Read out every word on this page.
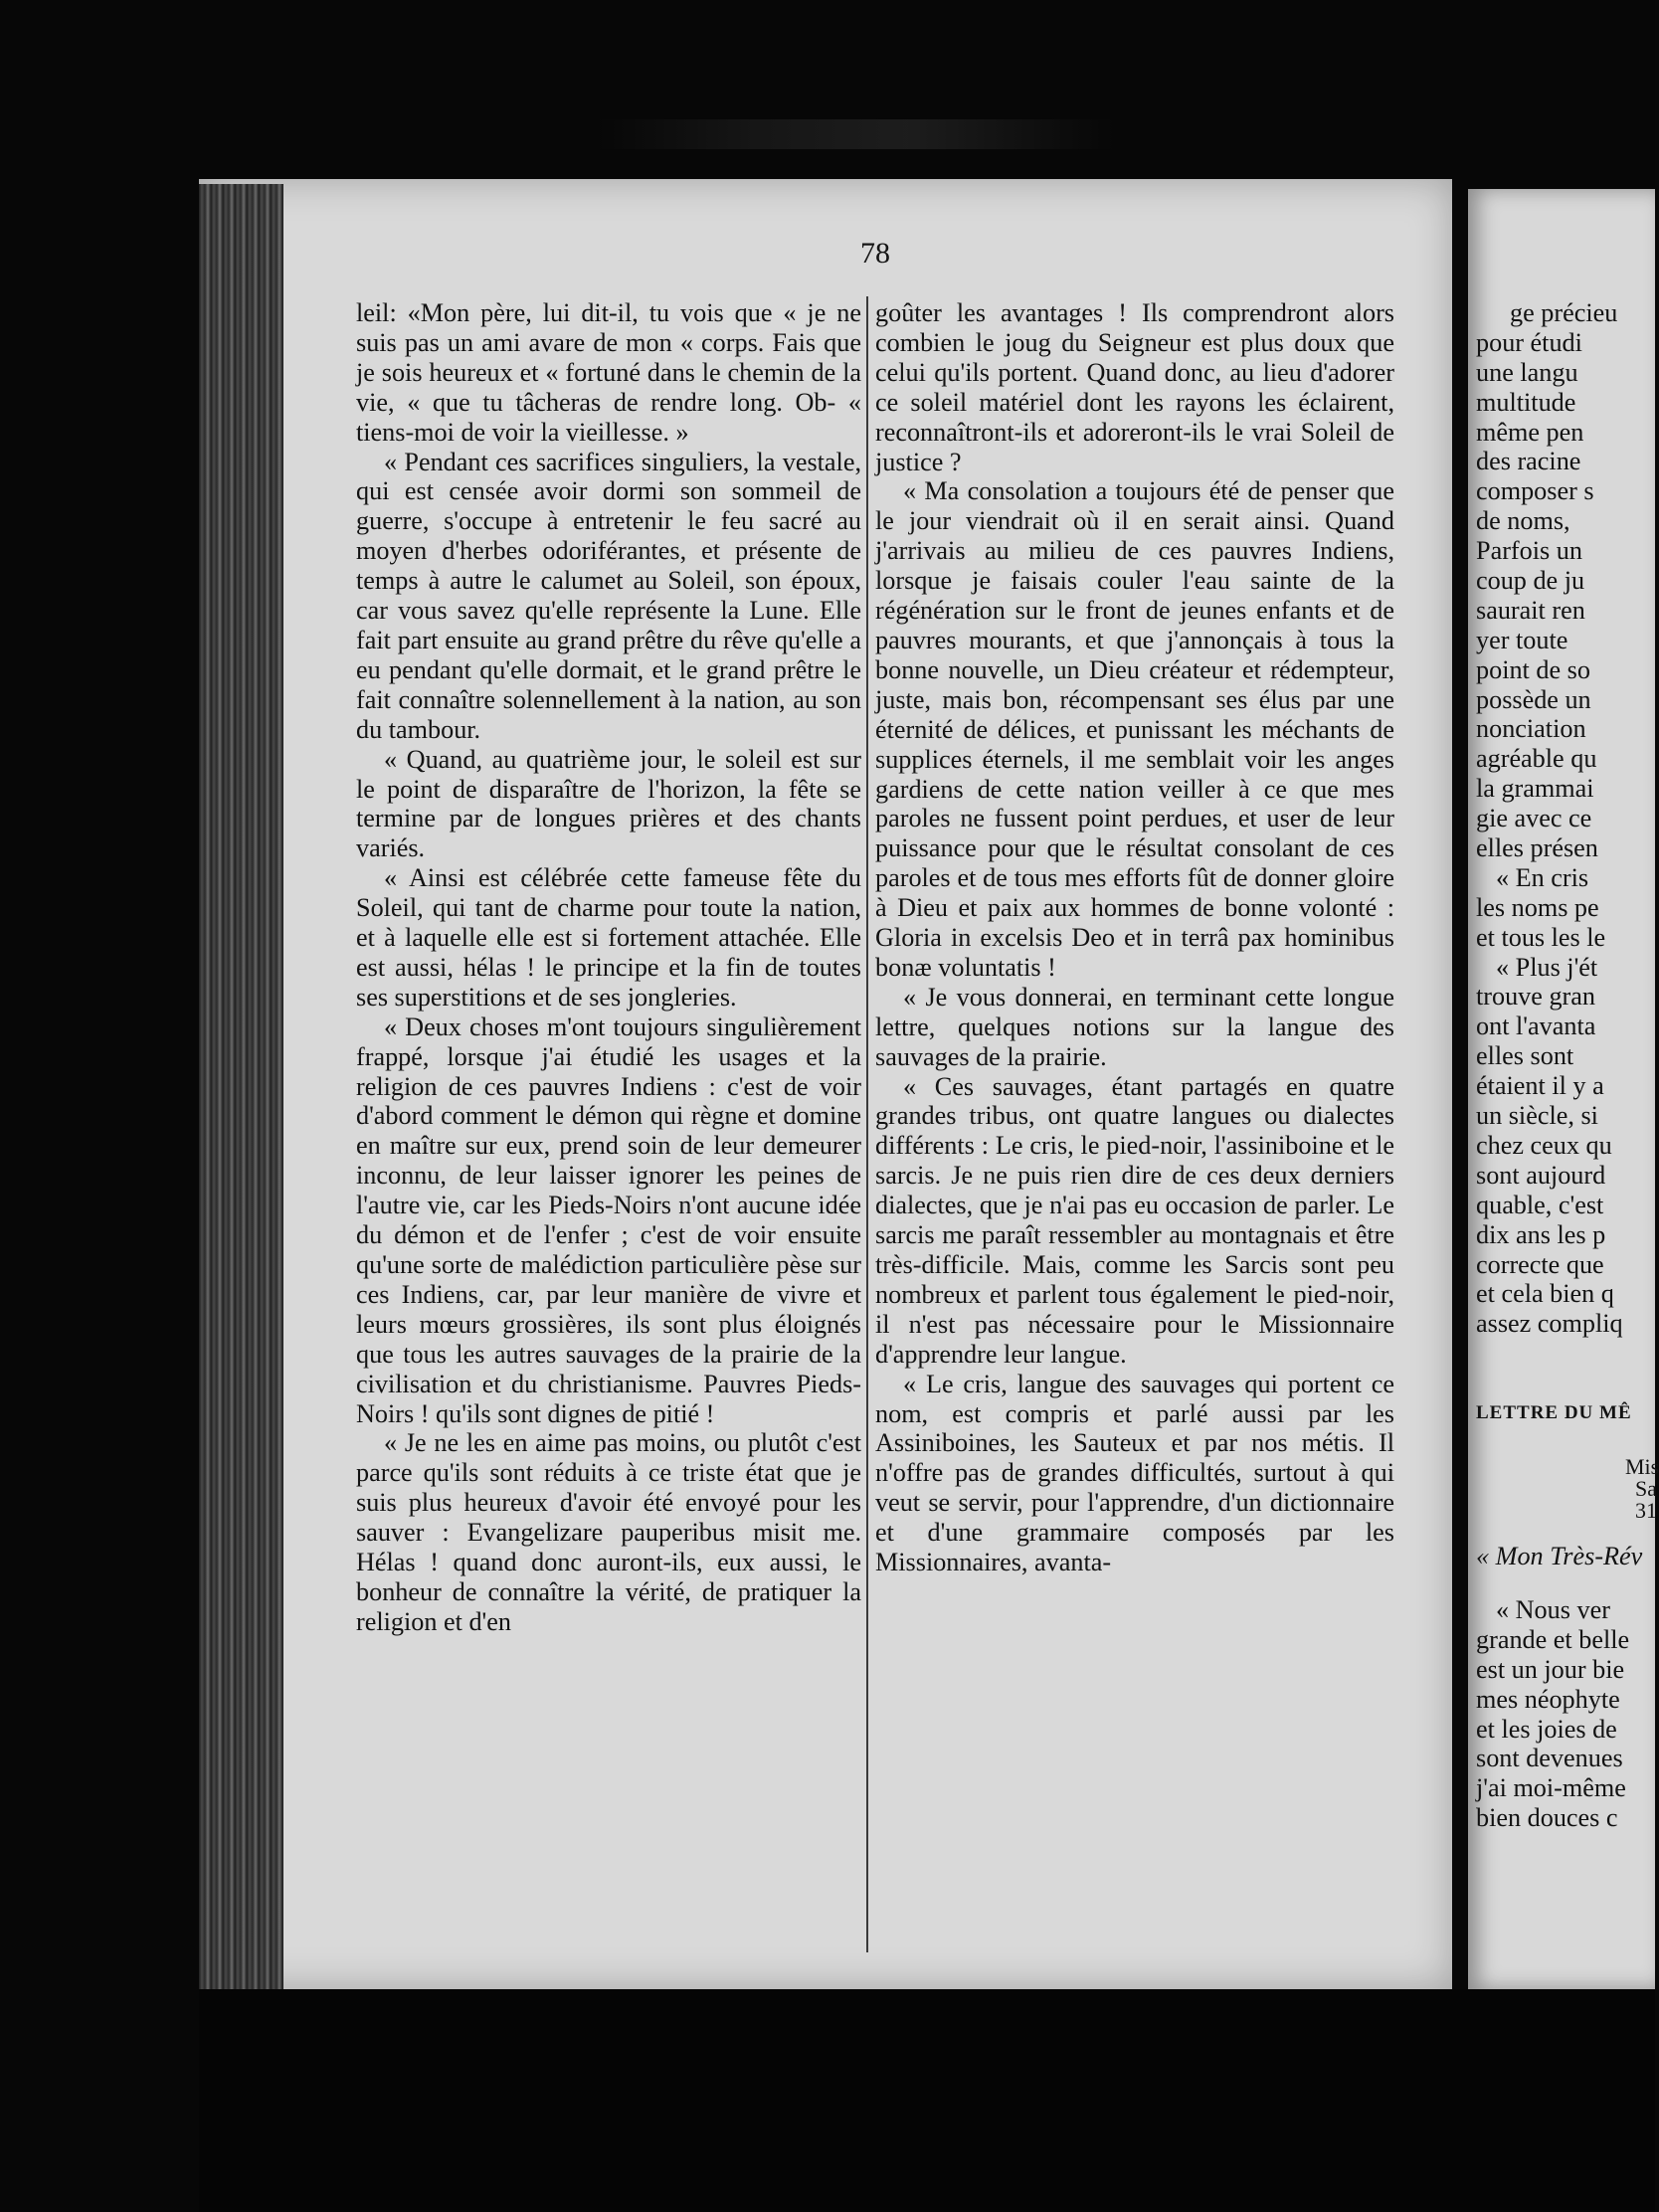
78

leil: «Mon père, lui dit-il, tu vois que « je ne suis pas un ami avare de mon « corps. Fais que je sois heureux et « fortuné dans le chemin de la vie, « que tu tâcheras de rendre long. Ob- « tiens-moi de voir la vieillesse. »

« Pendant ces sacrifices singuliers, la vestale, qui est censée avoir dormi son sommeil de guerre, s'occupe à entretenir le feu sacré au moyen d'herbes odoriférantes, et présente de temps à autre le calumet au Soleil, son époux, car vous savez qu'elle représente la Lune. Elle fait part ensuite au grand prêtre du rêve qu'elle a eu pendant qu'elle dormait, et le grand prêtre le fait connaître solennellement à la nation, au son du tambour.

« Quand, au quatrième jour, le soleil est sur le point de disparaître de l'horizon, la fête se termine par de longues prières et des chants variés.

« Ainsi est célébrée cette fameuse fête du Soleil, qui tant de charme pour toute la nation, et à laquelle elle est si fortement attachée. Elle est aussi, hélas ! le principe et la fin de toutes ses superstitions et de ses jongleries.

« Deux choses m'ont toujours singulièrement frappé, lorsque j'ai étudié les usages et la religion de ces pauvres Indiens : c'est de voir d'abord comment le démon qui règne et domine en maître sur eux, prend soin de leur demeurer inconnu, de leur laisser ignorer les peines de l'autre vie, car les Pieds-Noirs n'ont aucune idée du démon et de l'enfer ; c'est de voir ensuite qu'une sorte de malédiction particulière pèse sur ces Indiens, car, par leur manière de vivre et leurs mœurs grossières, ils sont plus éloignés que tous les autres sauvages de la prairie de la civilisation et du christianisme. Pauvres Pieds-Noirs ! qu'ils sont dignes de pitié !

« Je ne les en aime pas moins, ou plutôt c'est parce qu'ils sont réduits à ce triste état que je suis plus heureux d'avoir été envoyé pour les sauver : Evangelizare pauperibus misit me. Hélas ! quand donc auront-ils, eux aussi, le bonheur de connaître la vérité, de pratiquer la religion et d'en

goûter les avantages ! Ils comprendront alors combien le joug du Seigneur est plus doux que celui qu'ils portent. Quand donc, au lieu d'adorer ce soleil matériel dont les rayons les éclairent, reconnaîtront-ils et adoreront-ils le vrai Soleil de justice ?

« Ma consolation a toujours été de penser que le jour viendrait où il en serait ainsi. Quand j'arrivais au milieu de ces pauvres Indiens, lorsque je faisais couler l'eau sainte de la régénération sur le front de jeunes enfants et de pauvres mourants, et que j'annonçais à tous la bonne nouvelle, un Dieu créateur et rédempteur, juste, mais bon, récompensant ses élus par une éternité de délices, et punissant les méchants de supplices éternels, il me semblait voir les anges gardiens de cette nation veiller à ce que mes paroles ne fussent point perdues, et user de leur puissance pour que le résultat consolant de ces paroles et de tous mes efforts fût de donner gloire à Dieu et paix aux hommes de bonne volonté : Gloria in excelsis Deo et in terrâ pax hominibus bonæ voluntatis !

« Je vous donnerai, en terminant cette longue lettre, quelques notions sur la langue des sauvages de la prairie.

« Ces sauvages, étant partagés en quatre grandes tribus, ont quatre langues ou dialectes différents : Le cris, le pied-noir, l'assiniboine et le sarcis. Je ne puis rien dire de ces deux derniers dialectes, que je n'ai pas eu occasion de parler. Le sarcis me paraît ressembler au montagnais et être très-difficile. Mais, comme les Sarcis sont peu nombreux et parlent tous également le pied-noir, il n'est pas nécessaire pour le Missionnaire d'apprendre leur langue.

« Le cris, langue des sauvages qui portent ce nom, est compris et parlé aussi par les Assiniboines, les Sauteux et par nos métis. Il n'offre pas de grandes difficultés, surtout à qui veut se servir, pour l'apprendre, d'un dictionnaire et d'une grammaire composés par les Missionnaires, avanta-

ge précieu
pour étudi
une langu
multitude
même pen
des racine
composer s
de noms,
Parfois un
coup de ju
saurait ren
yer toute
point de so
possède un
nonciation
agréable qu
la grammai
gie avec ce
elles présen
« En cris
les noms pe
et tous les le
« Plus j'ét
trouve gran
ont l'avanta
elles sont
étaient il y a
un siècle, si
chez ceux qu
sont aujourd
quable, c'est
dix ans les p
correcte que
et cela bien q
assez compliq
LETTRE DU MÊ
Mis
Sa
31
« Mon Très-Rév
« Nous ver
grande et belle
est un jour bie
mes néophyte
et les joies de
sont devenues
j'ai moi-même
bien douces c
